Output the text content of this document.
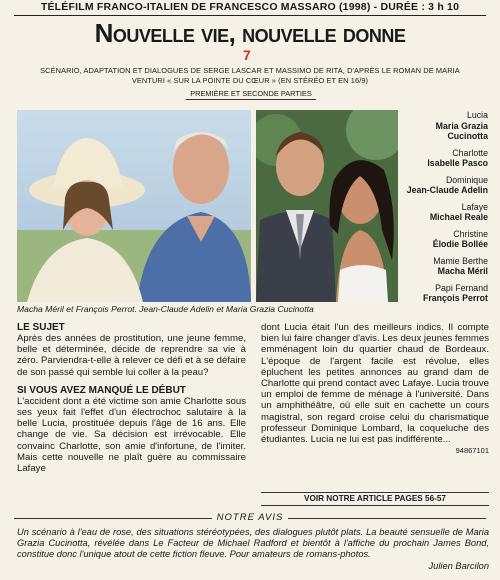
TÉLÉFILM FRANCO-ITALIEN DE FRANCESCO MASSARO (1998) - DURÉE : 3 h 10
Nouvelle vie, nouvelle donne
7
SCÉNARIO, ADAPTATION ET DIALOGUES DE SERGE LASCAR ET MASSIMO DE RITA, D'APRÈS LE ROMAN DE MARIA VENTURI « SUR LA POINTE DU CŒUR » (EN STÉRÉO ET EN 16/9)
PREMIÈRE ET SECONDE PARTIES
Macha Méril et François Perrot. Jean-Claude Adelin et Maria Grazia Cucinotta
Lucia
Maria Grazia Cucinotta
Charlotte
Isabelle Pasco
Dominique
Jean-Claude Adelin
Lafaye
Michael Reale
Christine
Élodie Bollée
Mamie Berthe
Macha Méril
Papi Fernand
François Perrot
LE SUJET
Après des années de prostitution, une jeune femme, belle et déterminée, décide de reprendre sa vie à zéro. Parviendra-t-elle à relever ce défi et à se défaire de son passé qui semble lui coller à la peau?
SI VOUS AVEZ MANQUÉ LE DÉBUT
L'accident dont a été victime son amie Charlotte sous ses yeux fait l'effet d'un électrochoc salutaire à la belle Lucia, prostituée depuis l'âge de 16 ans. Elle change de vie. Sa décision est irrévocable. Elle convainc Charlotte, son amie d'infortune, de l'imiter. Mais cette nouvelle ne plaît guère au commissaire Lafaye
dont Lucia était l'un des meilleurs indics. Il compte bien lui faire changer d'avis. Les deux jeunes femmes emménagent loin du quartier chaud de Bordeaux. L'époque de l'argent facile est révolue, elles épluchent les petites annonces au grand dam de Charlotte qui prend contact avec Lafaye. Lucia trouve un emploi de femme de ménage à l'université. Dans un amphithéâtre, où elle suit en cachette un cours magistral, son regard croise celui du charismatique professeur Dominique Lombard, la coqueluche des étudiantes. Lucia ne lui est pas indifférente...
94867101
VOIR NOTRE ARTICLE PAGES 56-57
NOTRE AVIS
Un scénario à l'eau de rose, des situations stéréotypées, des dialogues plutôt plats. La beauté sensuelle de Maria Grazia Cucinotta, révélée dans Le Facteur de Michael Radford et bientôt à l'affiche du prochain James Bond, constitue donc l'unique atout de cette fiction fleuve. Pour amateurs de romans-photos.
Julien Barcilon
